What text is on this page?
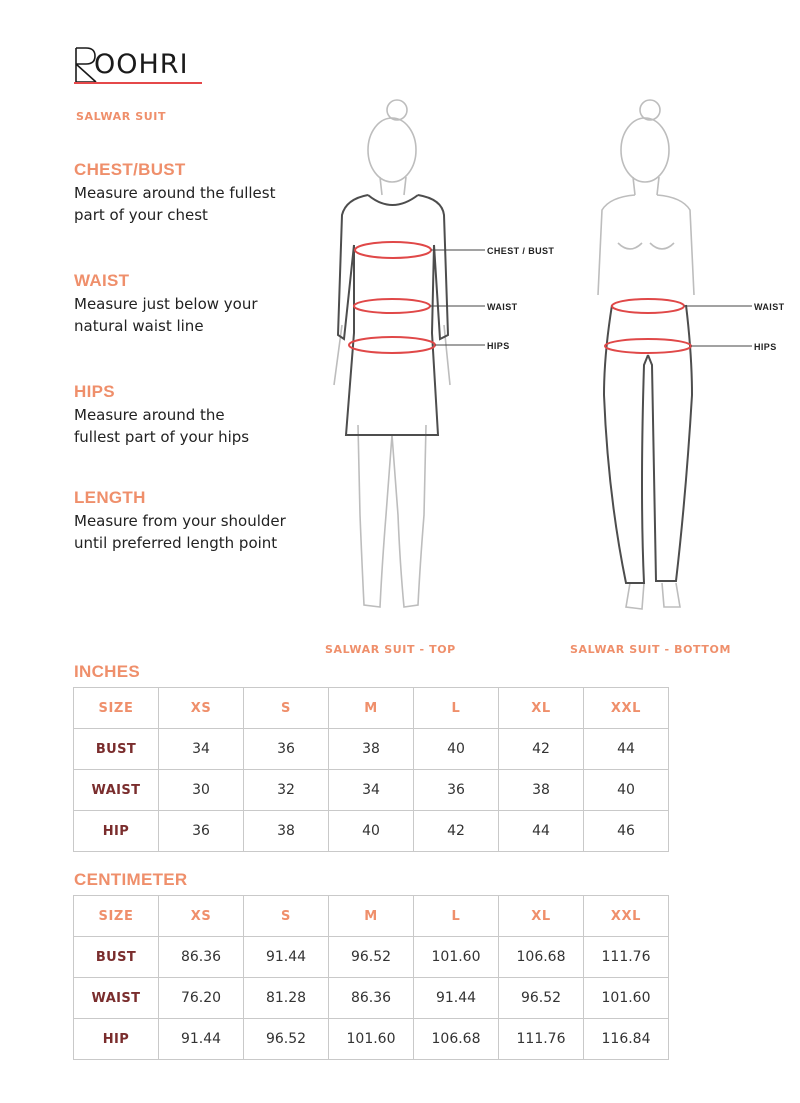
OOHRI
SALWAR SUIT
CHEST/BUST
Measure around the fullest
part of your chest
WAIST
Measure just below your
natural waist line
HIPS
Measure around the
fullest part of your hips
LENGTH
Measure from your shoulder
until preferred length point
CHEST / BUST
WAIST
HIPS
WAIST
HIPS
SALWAR SUIT - TOP	SALWAR SUIT - BOTTOM
INCHES
SIZE	XS	S	M	L	XL	XXL
BUST	34	36	38	40	42	44
WAIST	30	32	34	36	38	40
HIP	36	38	40	42	44	46
CENTIMETER
SIZE	XS	S	M	L	XL	XXL
BUST	86.36	91.44	96.52	101.60	106.68	111.76
WAIST	76.20	81.28	86.36	91.44	96.52	101.60
HIP	91.44	96.52	101.60	106.68	111.76	116.84
